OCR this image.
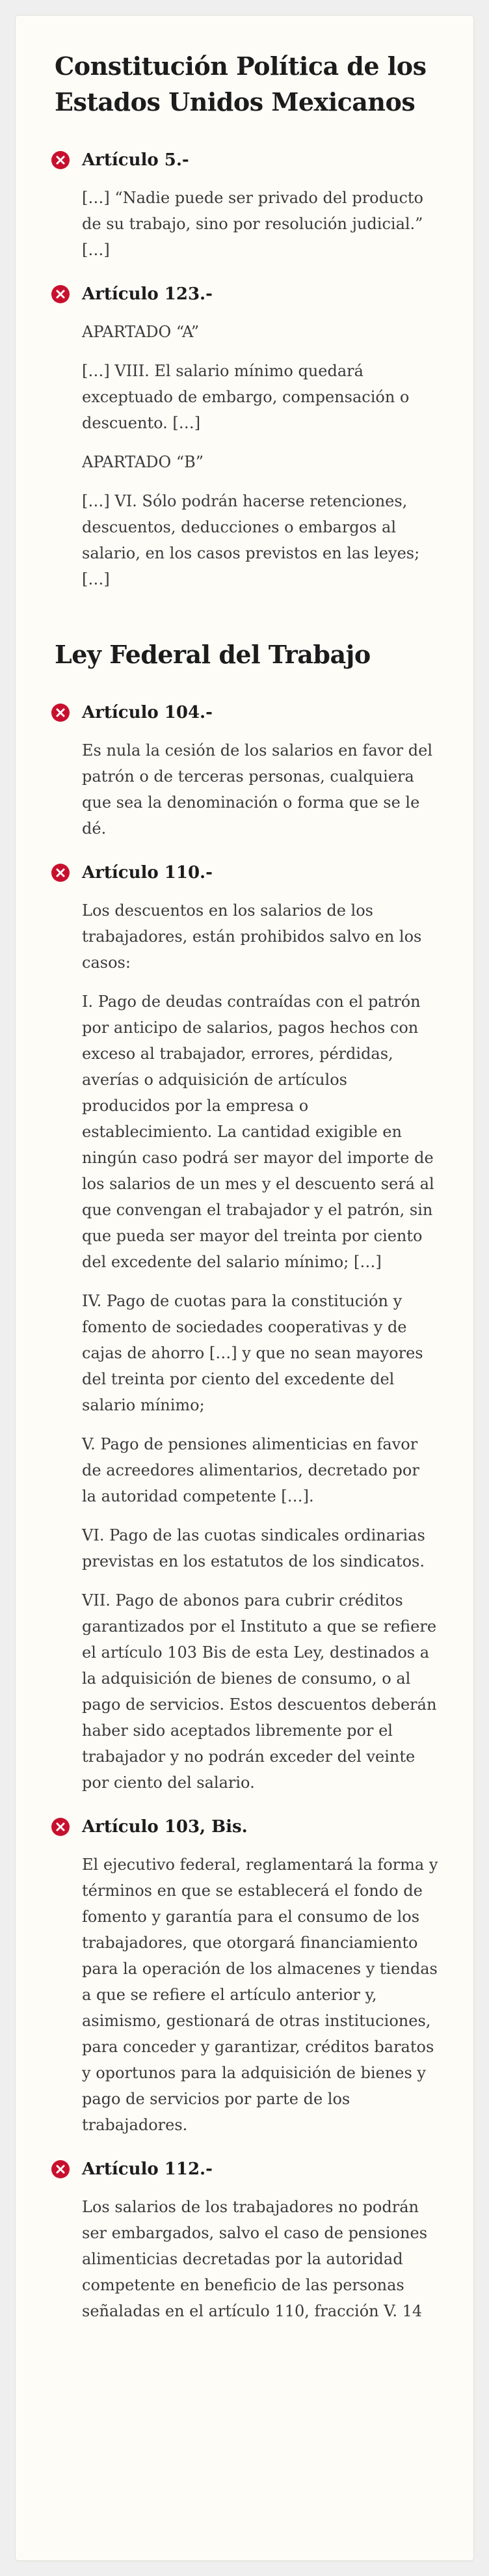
Constitución Política de los Estados Unidos Mexicanos
Artículo 5.-

[…] “Nadie puede ser privado del producto de su trabajo, sino por resolución judicial.” […]

Artículo 123.-

APARTADO “A”

[…] VIII. El salario mínimo quedará exceptuado de embargo, compensación o descuento. […]

APARTADO “B”

[…] VI. Sólo podrán hacerse retenciones, descuentos, deducciones o embargos al salario, en los casos previstos en las leyes; […]

Ley Federal del Trabajo
Artículo 104.-

Es nula la cesión de los salarios en favor del patrón o de terceras personas, cualquiera que sea la denominación o forma que se le dé.

Artículo 110.-

Los descuentos en los salarios de los trabajadores, están prohibidos salvo en los casos:

I. Pago de deudas contraídas con el patrón por anticipo de salarios, pagos hechos con exceso al trabajador, errores, pérdidas, averías o adquisición de artículos producidos por la empresa o establecimiento. La cantidad exigible en ningún caso podrá ser mayor del importe de los salarios de un mes y el descuento será al que convengan el trabajador y el patrón, sin que pueda ser mayor del treinta por ciento del excedente del salario mínimo; […]

IV. Pago de cuotas para la constitución y fomento de sociedades cooperativas y de cajas de ahorro […] y que no sean mayores del treinta por ciento del excedente del salario mínimo;

V. Pago de pensiones alimenticias en favor de acreedores alimentarios, decretado por la autoridad competente […].

VI. Pago de las cuotas sindicales ordinarias previstas en los estatutos de los sindicatos.

VII. Pago de abonos para cubrir créditos garantizados por el Instituto a que se refiere el artículo 103 Bis de esta Ley, destinados a la adquisición de bienes de consumo, o al pago de servicios. Estos descuentos deberán haber sido aceptados libremente por el trabajador y no podrán exceder del veinte por ciento del salario.

Artículo 103, Bis.

El ejecutivo federal, reglamentará la forma y términos en que se establecerá el fondo de fomento y garantía para el consumo de los trabajadores, que otorgará financiamiento para la operación de los almacenes y tiendas a que se refiere el artículo anterior y, asimismo, gestionará de otras instituciones, para conceder y garantizar, créditos baratos y oportunos para la adquisición de bienes y pago de servicios por parte de los trabajadores.

Artículo 112.-

Los salarios de los trabajadores no podrán ser embargados, salvo el caso de pensiones alimenticias decretadas por la autoridad competente en beneficio de las personas señaladas en el artículo 110, fracción V. 14
